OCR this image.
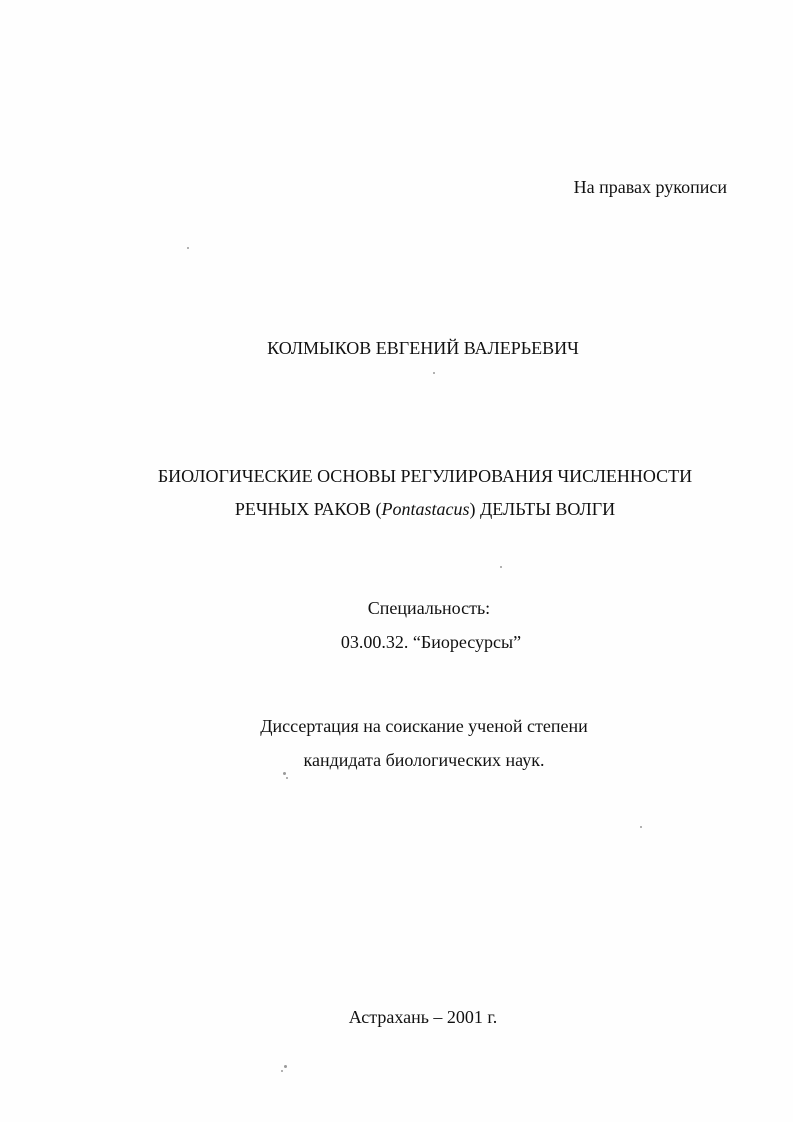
На правах рукописи
КОЛМЫКОВ ЕВГЕНИЙ ВАЛЕРЬЕВИЧ
БИОЛОГИЧЕСКИЕ ОСНОВЫ РЕГУЛИРОВАНИЯ ЧИСЛЕННОСТИ
РЕЧНЫХ РАКОВ (Pontastacus) ДЕЛЬТЫ ВОЛГИ
Специальность:
03.00.32. “Биоресурсы”
Диссертация на соискание ученой степени
кандидата биологических наук.
Астрахань – 2001 г.
